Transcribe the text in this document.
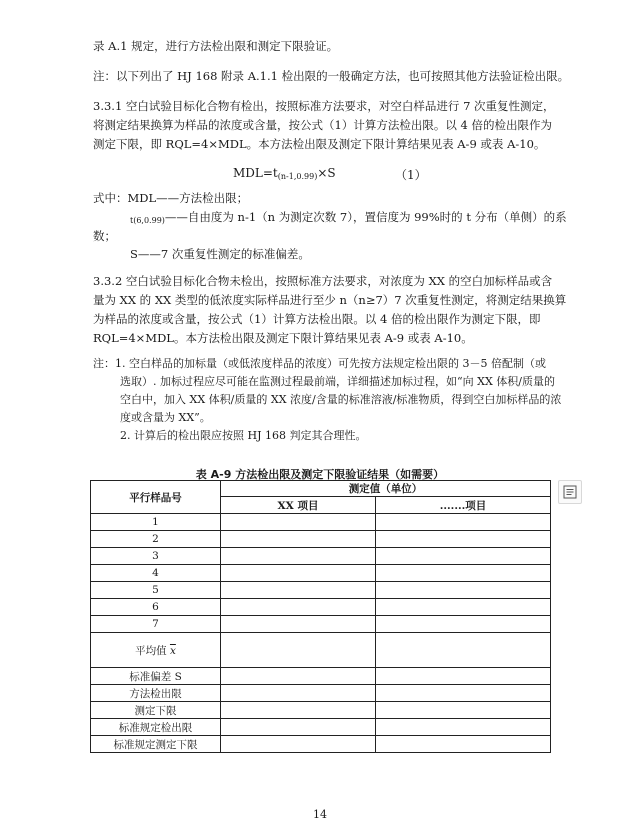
录 A.1 规定，进行方法检出限和测定下限验证。
注：以下列出了 HJ 168 附录 A.1.1 检出限的一般确定方法，也可按照其他方法验证检出限。
3.3.1 空白试验目标化合物有检出，按照标准方法要求，对空白样品进行 7 次重复性测定，
将测定结果换算为样品的浓度或含量，按公式（1）计算方法检出限。以 4 倍的检出限作为
测定下限，即 RQL=4×MDL。本方法检出限及测定下限计算结果见表 A-9 或表 A-10。
$MDL=t_{(n-1,0.99)}\times S$	（1）
式中：MDL——方法检出限；
$_{t(6,0.99)}$——自由度为 n-1（n 为测定次数 7），置信度为 99%时的 t 分布（单侧）的系
数；
S——7 次重复性测定的标准偏差。
3.3.2 空白试验目标化合物未检出，按照标准方法要求，对浓度为 XX 的空白加标样品或含
量为 XX 的 XX 类型的低浓度实际样品进行至少 n（n≥7）7 次重复性测定，将测定结果换算
为样品的浓度或含量，按公式（1）计算方法检出限。以 4 倍的检出限作为测定下限，即
RQL=4×MDL。本方法检出限及测定下限计算结果见表 A-9 或表 A-10。
注：1. 空白样品的加标量（或低浓度样品的浓度）可先按方法规定检出限的 3－5 倍配制（或
选取）. 加标过程应尽可能在监测过程最前端，详细描述加标过程，如“向 XX 体积/质量的
空白中，加入 XX 体积/质量的 XX 浓度/含量的标准溶液/标准物质，得到空白加标样品的浓
度或含量为 XX”。
2. 计算后的检出限应按照 HJ 168 判定其合理性。
表 A-9 方法检出限及测定下限验证结果（如需要）
平行样品号	测定值（单位）	
	XX 项目	.......项目
1		
2		
3		
4		
5		
6		
7		
平均值 $\overline{x}$		
标准偏差 S		
方法检出限		
测定下限		
标准规定检出限		
标准规定测定下限		
14
